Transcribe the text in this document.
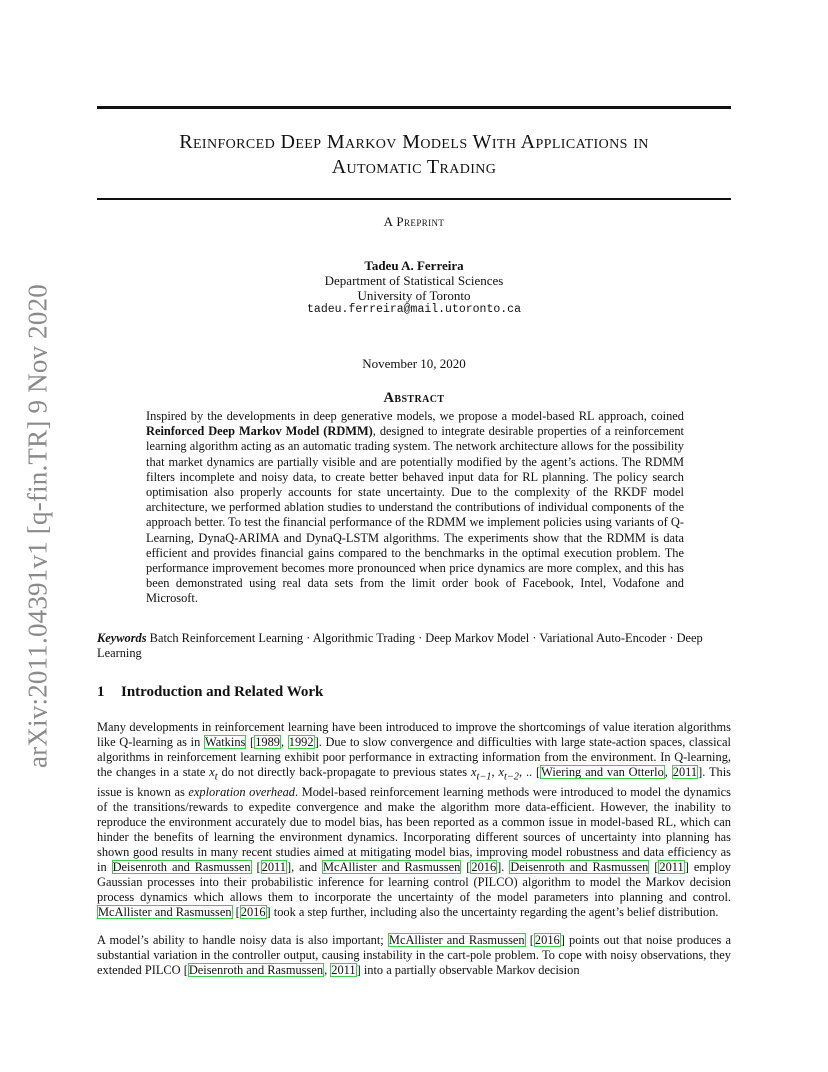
arXiv:2011.04391v1 [q-fin.TR] 9 Nov 2020
Reinforced Deep Markov Models With Applications in
Automatic Trading
A Preprint
Tadeu A. Ferreira
Department of Statistical Sciences
University of Toronto
tadeu.ferreira@mail.utoronto.ca
November 10, 2020
Abstract

Inspired by the developments in deep generative models, we propose a model-based RL approach, coined Reinforced Deep Markov Model (RDMM), designed to integrate desirable properties of a reinforcement learning algorithm acting as an automatic trading system. The network architecture allows for the possibility that market dynamics are partially visible and are potentially modified by the agent’s actions. The RDMM filters incomplete and noisy data, to create better behaved input data for RL planning. The policy search optimisation also properly accounts for state uncertainty. Due to the complexity of the RKDF model architecture, we performed ablation studies to understand the contributions of individual components of the approach better. To test the financial performance of the RDMM we implement policies using variants of Q-Learning, DynaQ-ARIMA and DynaQ-LSTM algorithms. The experiments show that the RDMM is data efficient and provides financial gains compared to the benchmarks in the optimal execution problem. The performance improvement becomes more pronounced when price dynamics are more complex, and this has been demonstrated using real data sets from the limit order book of Facebook, Intel, Vodafone and Microsoft.

Keywords Batch Reinforcement Learning · Algorithmic Trading · Deep Markov Model · Variational Auto-Encoder · Deep Learning

1 Introduction and Related Work

Many developments in reinforcement learning have been introduced to improve the shortcomings of value iteration algorithms like Q-learning as in Watkins [1989, 1992]. Due to slow convergence and difficulties with large state-action spaces, classical algorithms in reinforcement learning exhibit poor performance in extracting information from the environment. In Q-learning, the changes in a state $x_t$ do not directly back-propagate to previous states $x_{t-1}$, $x_{t-2}$, .. [Wiering and van Otterlo, 2011]. This issue is known as exploration overhead. Model-based reinforcement learning methods were introduced to model the dynamics of the transitions/rewards to expedite convergence and make the algorithm more data-efficient. However, the inability to reproduce the environment accurately due to model bias, has been reported as a common issue in model-based RL, which can hinder the benefits of learning the environment dynamics. Incorporating different sources of uncertainty into planning has shown good results in many recent studies aimed at mitigating model bias, improving model robustness and data efficiency as in Deisenroth and Rasmussen [2011], and McAllister and Rasmussen [2016]. Deisenroth and Rasmussen [2011] employ Gaussian processes into their probabilistic inference for learning control (PILCO) algorithm to model the Markov decision process dynamics which allows them to incorporate the uncertainty of the model parameters into planning and control. McAllister and Rasmussen [2016] took a step further, including also the uncertainty regarding the agent’s belief distribution.

A model’s ability to handle noisy data is also important; McAllister and Rasmussen [2016] points out that noise produces a substantial variation in the controller output, causing instability in the cart-pole problem. To cope with noisy observations, they extended PILCO [Deisenroth and Rasmussen, 2011] into a partially observable Markov decision
